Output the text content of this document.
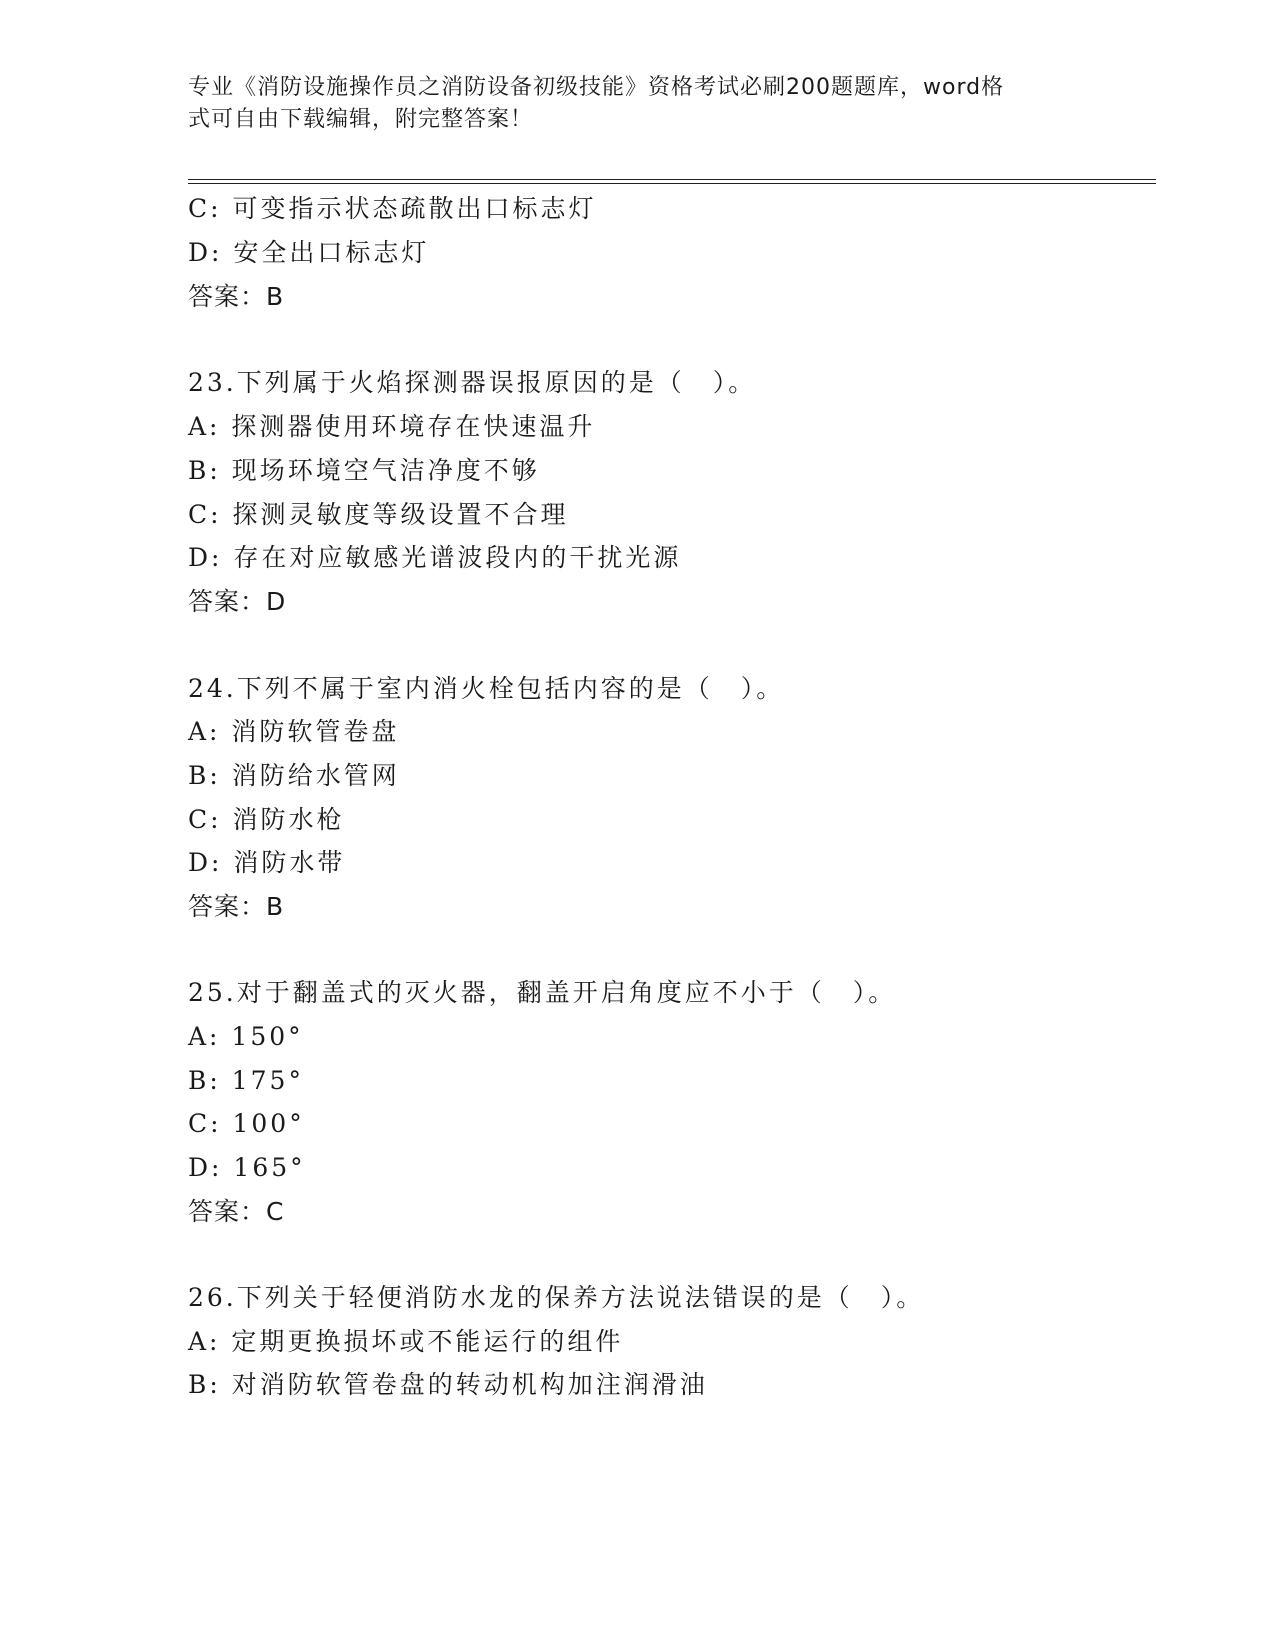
专业《消防设施操作员之消防设备初级技能》资格考试必刷200题题库，word格
式可自由下载编辑，附完整答案！
C: 可变指示状态疏散出口标志灯
D: 安全出口标志灯
答案：B
23.下列属于火焰探测器误报原因的是（　）。
A: 探测器使用环境存在快速温升
B: 现场环境空气洁净度不够
C: 探测灵敏度等级设置不合理
D: 存在对应敏感光谱波段内的干扰光源
答案：D
24.下列不属于室内消火栓包括内容的是（　）。
A: 消防软管卷盘
B: 消防给水管网
C: 消防水枪
D: 消防水带
答案：B
25.对于翻盖式的灭火器，翻盖开启角度应不小于（　）。
A: 150°
B: 175°
C: 100°
D: 165°
答案：C
26.下列关于轻便消防水龙的保养方法说法错误的是（　）。
A: 定期更换损坏或不能运行的组件
B: 对消防软管卷盘的转动机构加注润滑油
